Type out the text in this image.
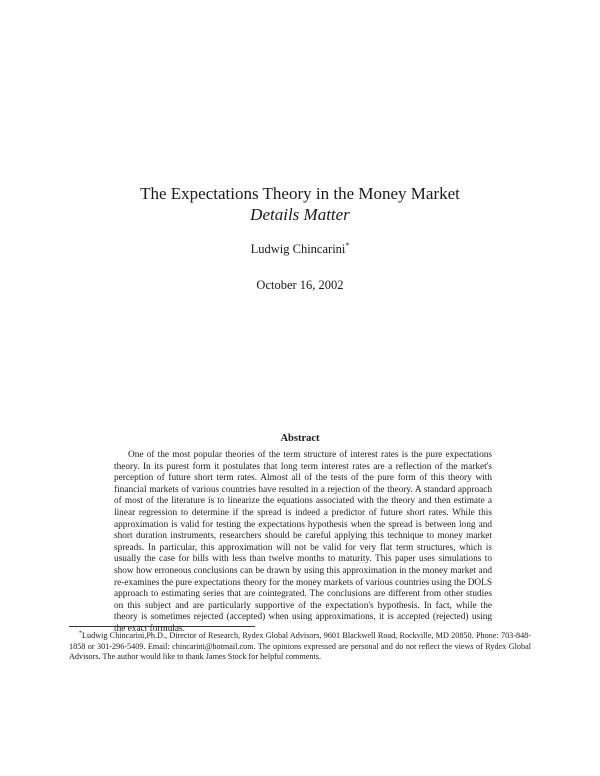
The Expectations Theory in the Money Market
Details Matter
Ludwig Chincarini*
October 16, 2002
Abstract

One of the most popular theories of the term structure of interest rates is the pure expectations theory. In its purest form it postulates that long term interest rates are a reflection of the market's perception of future short term rates. Almost all of the tests of the pure form of this theory with financial markets of various countries have resulted in a rejection of the theory. A standard approach of most of the literature is to linearize the equations associated with the theory and then estimate a linear regression to determine if the spread is indeed a predictor of future short rates. While this approximation is valid for testing the expectations hypothesis when the spread is between long and short duration instruments, researchers should be careful applying this technique to money market spreads. In particular, this approximation will not be valid for very flat term structures, which is usually the case for bills with less than twelve months to maturity. This paper uses simulations to show how erroneous conclusions can be drawn by using this approximation in the money market and re-examines the pure expectations theory for the money markets of various countries using the DOLS approach to estimating series that are cointegrated. The conclusions are different from other studies on this subject and are particularly supportive of the expectation's hypothesis. In fact, while the theory is sometimes rejected (accepted) when using approximations, it is accepted (rejected) using the exact formulas.

*Ludwig Chincarini,Ph.D., Director of Research, Rydex Global Advisors, 9601 Blackwell Road, Rockville, MD 20850. Phone: 703-848-1858 or 301-296-5409. Email: chincarini@hotmail.com. The opinions expressed are personal and do not reflect the views of Rydex Global Advisors. The author would like to thank James Stock for helpful comments.
